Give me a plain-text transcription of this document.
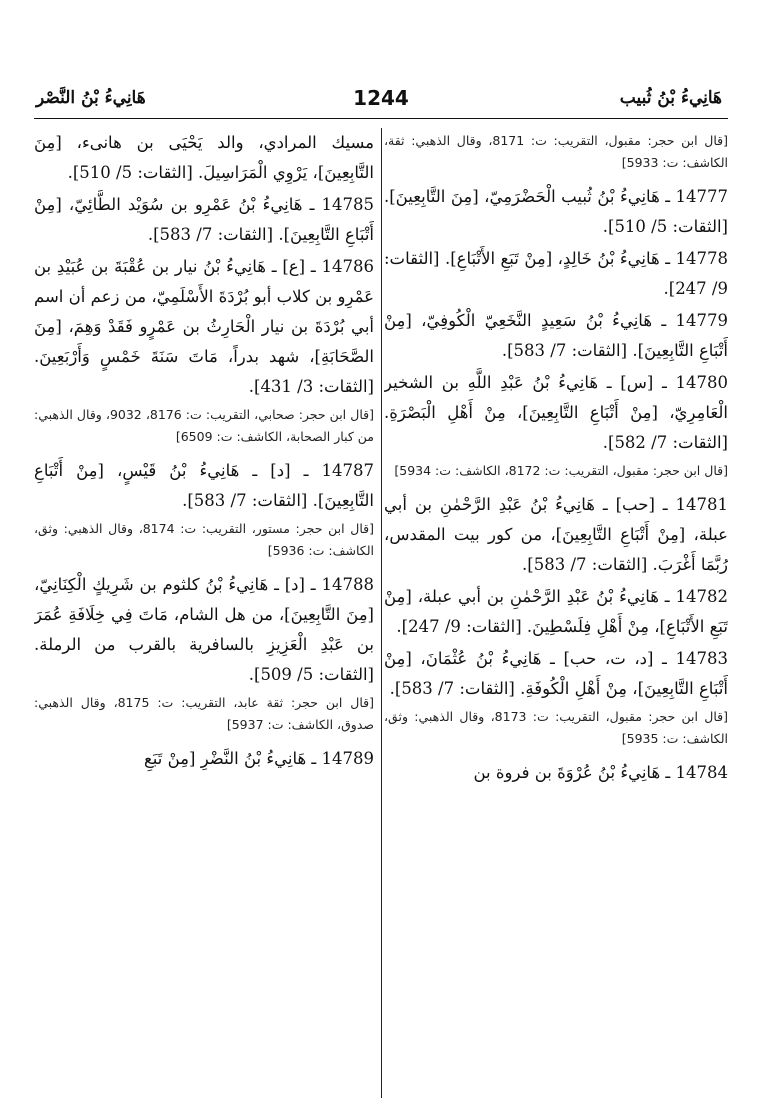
هَانِيءُ بْنُ ثُبيب
1244
هَانِيءُ بْنُ النَّصْر
[قال ابن حجر: مقبول، التقريب: ت: 8171، وقال الذهبي: ثقة، الكاشف: ت: 5933]
14777 ـ هَانِيءُ بْنُ ثُبيب الْحَضْرَمِيّ، [مِنَ التَّابِعِينَ]. [الثقات: 5/ 510].
14778 ـ هَانِيءُ بْنُ خَالِدٍ، [مِنْ تَبَعِ الأَتْبَاعِ]. [الثقات: 9/ 247].
14779 ـ هَانِيءُ بْنُ سَعِيدٍ النَّخَعِيّ الْكُوفِيّ، [مِنْ أَتْبَاعِ التَّابِعِينَ]. [الثقات: 7/ 583].
14780 ـ [س] ـ هَانِيءُ بْنُ عَبْدِ اللَّهِ بن الشخير الْعَامِرِيّ، [مِنْ أَتْبَاعِ التَّابِعِينَ]، مِنْ أَهْلِ الْبَصْرَةِ. [الثقات: 7/ 582].
[قال ابن حجر: مقبول، التقريب: ت: 8172، الكاشف: ت: 5934]
14781 ـ [حب] ـ هَانِيءُ بْنُ عَبْدِ الرَّحْمٰنِ بن أبي عبلة، [مِنْ أَتْبَاعِ التَّابِعِينَ]، من كور بيت المقدس، رُبَّمَا أَغْرَبَ. [الثقات: 7/ 583].
14782 ـ هَانِيءُ بْنُ عَبْدِ الرَّحْمٰنِ بن أبي عبلة، [مِنْ تَبَعِ الأَتْبَاعِ]، مِنْ أَهْلِ فِلَسْطِينَ. [الثقات: 9/ 247].
14783 ـ [د، ت، حب] ـ هَانِيءُ بْنُ عُثْمَانَ، [مِنْ أَتْبَاعِ التَّابِعِينَ]، مِنْ أَهْلِ الْكُوفَةِ. [الثقات: 7/ 583].
[قال ابن حجر: مقبول، التقريب: ت: 8173، وقال الذهبي: وثق، الكاشف: ت: 5935]
14784 ـ هَانِيءُ بْنُ عُرْوَةَ بن فروة بن
مسيك المرادي، والد يَحْيَى بن هانىء، [مِنَ التَّابِعِينَ]، يَرْوِي الْمَرَاسِيلَ. [الثقات: 5/ 510].
14785 ـ هَانِيءُ بْنُ عَمْرِو بن سُوَيْد الطَّائِيّ، [مِنْ أَتْبَاعِ التَّابِعِينَ]. [الثقات: 7/ 583].
14786 ـ [ع] ـ هَانِيءُ بْنُ نيار بن عُقْبَةَ بن عُبَيْدِ بن عَمْرِو بن كلاب أبو بُرْدَةَ الأَسْلَمِيّ، من زعم أن اسم أبي بُرْدَةَ بن نيار الْحَارِثُ بن عَمْرٍو فَقَدْ وَهِمَ، [مِنَ الصَّحَابَةِ]، شهد بدراً، مَاتَ سَنَةَ خَمْسٍ وَأَرْبَعِينَ. [الثقات: 3/ 431].
[قال ابن حجر: صحابي، التقريب: ت: 8176، 9032، وقال الذهبي: من كبار الصحابة، الكاشف: ت: 6509]
14787 ـ [د] ـ هَانِيءُ بْنُ قَيْسٍ، [مِنْ أَتْبَاعِ التَّابِعِينَ]. [الثقات: 7/ 583].
[قال ابن حجر: مستور، التقريب: ت: 8174، وقال الذهبي: وثق، الكاشف: ت: 5936]
14788 ـ [د] ـ هَانِيءُ بْنُ كلثوم بن شَرِيكٍ الْكِنَانِيّ، [مِنَ التَّابِعِينَ]، من هل الشام، مَاتَ فِي خِلَافَةِ عُمَرَ بن عَبْدِ الْعَزِيزِ بالسافرية بالقرب من الرملة. [الثقات: 5/ 509].
[قال ابن حجر: ثقة عابد، التقريب: ت: 8175، وقال الذهبي: صدوق، الكاشف: ت: 5937]
14789 ـ هَانِيءُ بْنُ النَّضْرِ [مِنْ تَبَعِ
